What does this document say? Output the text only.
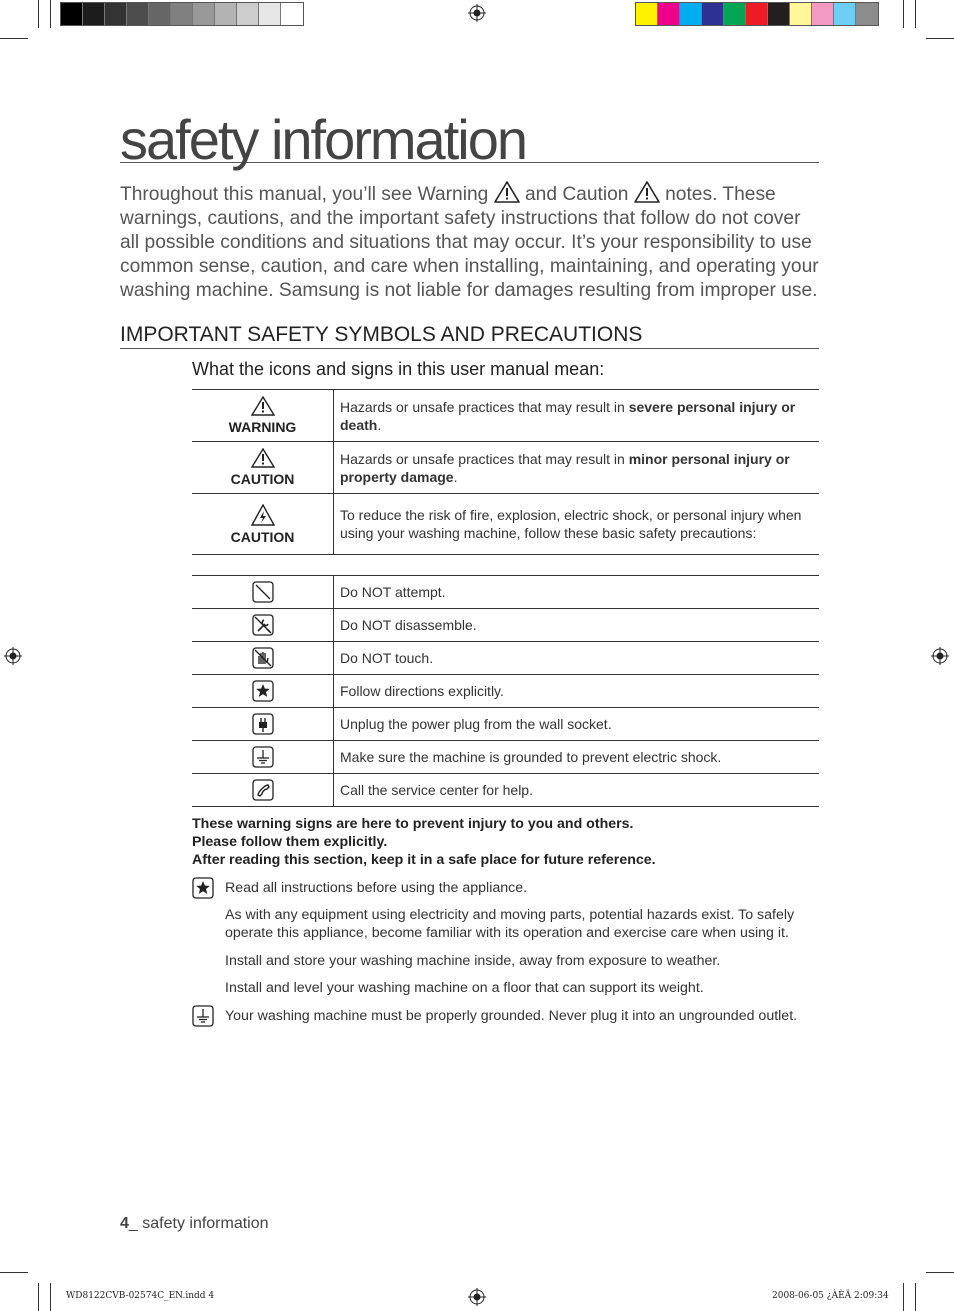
safety information
Throughout this manual, you’ll see Warning  and Caution  notes. These warnings, cautions, and the important safety instructions that follow do not cover all possible conditions and situations that may occur. It’s your responsibility to use common sense, caution, and care when installing, maintaining, and operating your washing machine. Samsung is not liable for damages resulting from improper use.
IMPORTANT SAFETY SYMBOLS AND PRECAUTIONS
What the icons and signs in this user manual mean:
WARNING	Hazards or unsafe practices that may result in severe personal injury or death.

CAUTION	Hazards or unsafe practices that may result in minor personal injury or property damage.

CAUTION	To reduce the risk of fire, explosion, electric shock, or personal injury when using your washing machine, follow these basic safety precautions:
	Do NOT attempt.
	Do NOT disassemble.
	Do NOT touch.
	Follow directions explicitly.
	Unplug the power plug from the wall socket.
	Make sure the machine is grounded to prevent electric shock.
	Call the service center for help.
These warning signs are here to prevent injury to you and others.
Please follow them explicitly.
After reading this section, keep it in a safe place for future reference.
Read all instructions before using the appliance.
As with any equipment using electricity and moving parts, potential hazards exist. To safely operate this appliance, become familiar with its operation and exercise care when using it.
Install and store your washing machine inside, away from exposure to weather.
Install and level your washing machine on a floor that can support its weight.
Your washing machine must be properly grounded. Never plug it into an ungrounded outlet.
4_ safety information
WD8122CVB-02574C_EN.indd 4	2008-06-05 ¿ÀÈÄ 2:09:34
